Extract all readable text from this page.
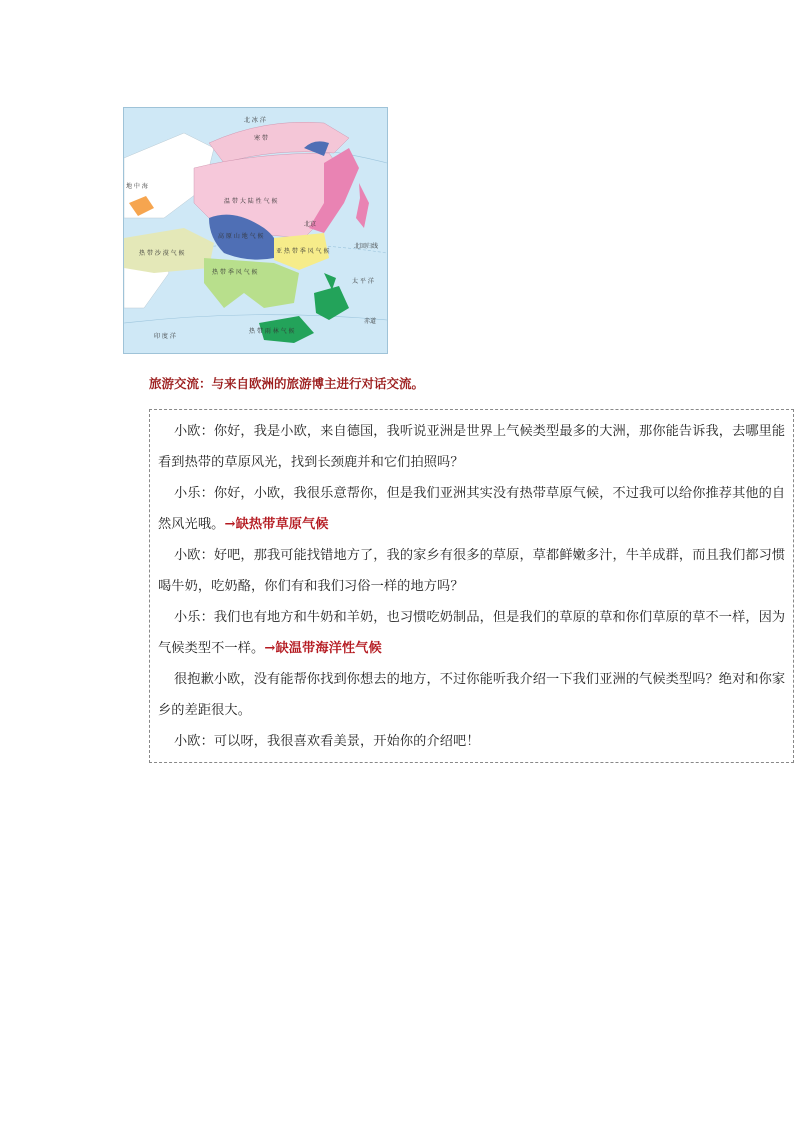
北 冰 洋
寒 带
温 带 大 陆 性 气 候
北京
高 原 山 地 气 候
热 带 沙 漠 气 候
热 带 季 风 气 候
亚 热 带 季 风 气 候
热 带 雨 林 气 候
地 中 海
印 度 洋
太 平 洋
赤道
北回归线
旅游交流：与来自欧洲的旅游博主进行对话交流。

小欧：你好，我是小欧，来自德国，我听说亚洲是世界上气候类型最多的大洲，那你能告诉我，去哪里能看到热带的草原风光，找到长颈鹿并和它们拍照吗？

小乐：你好，小欧，我很乐意帮你，但是我们亚洲其实没有热带草原气候，不过我可以给你推荐其他的自然风光哦。→缺热带草原气候

小欧：好吧，那我可能找错地方了，我的家乡有很多的草原，草都鲜嫩多汁，牛羊成群，而且我们都习惯喝牛奶，吃奶酪，你们有和我们习俗一样的地方吗？

小乐：我们也有地方和牛奶和羊奶，也习惯吃奶制品，但是我们的草原的草和你们草原的草不一样，因为气候类型不一样。→缺温带海洋性气候

很抱歉小欧，没有能帮你找到你想去的地方，不过你能听我介绍一下我们亚洲的气候类型吗？绝对和你家乡的差距很大。

小欧：可以呀，我很喜欢看美景，开始你的介绍吧！
